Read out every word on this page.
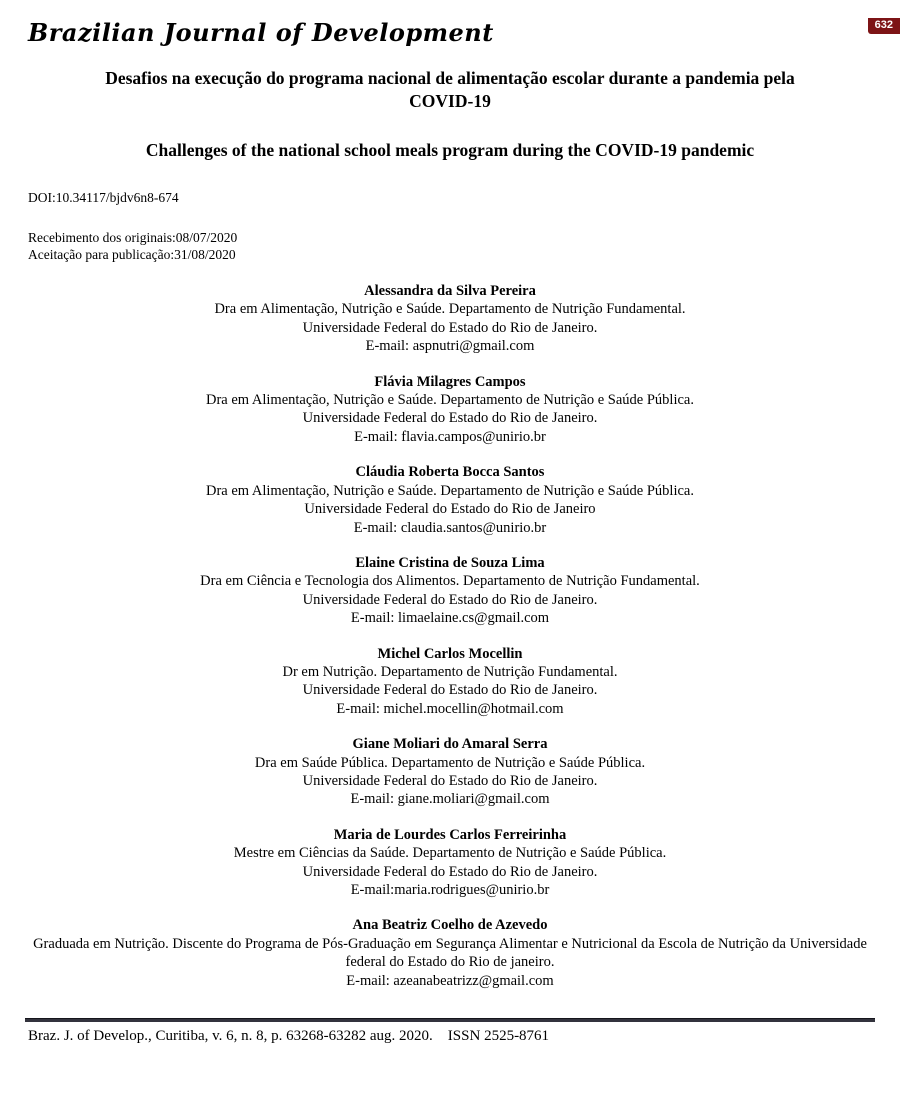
632
Brazilian Journal of Development
Desafios na execução do programa nacional de alimentação escolar durante a pandemia pela COVID-19
Challenges of the national school meals program during the COVID-19 pandemic
DOI:10.34117/bjdv6n8-674
Recebimento dos originais:08/07/2020
Aceitação para publicação:31/08/2020
Alessandra da Silva Pereira
Dra em Alimentação, Nutrição e Saúde. Departamento de Nutrição Fundamental.
Universidade Federal do Estado do Rio de Janeiro.
E-mail: aspnutri@gmail.com
Flávia Milagres Campos
Dra em Alimentação, Nutrição e Saúde. Departamento de Nutrição e Saúde Pública.
Universidade Federal do Estado do Rio de Janeiro.
E-mail: flavia.campos@unirio.br
Cláudia Roberta Bocca Santos
Dra em Alimentação, Nutrição e Saúde. Departamento de Nutrição e Saúde Pública.
Universidade Federal do Estado do Rio de Janeiro
E-mail: claudia.santos@unirio.br
Elaine Cristina de Souza Lima
Dra em Ciência e Tecnologia dos Alimentos. Departamento de Nutrição Fundamental.
Universidade Federal do Estado do Rio de Janeiro.
E-mail: limaelaine.cs@gmail.com
Michel Carlos Mocellin
Dr em Nutrição. Departamento de Nutrição Fundamental.
Universidade Federal do Estado do Rio de Janeiro.
E-mail: michel.mocellin@hotmail.com
Giane Moliari do Amaral Serra
Dra em Saúde Pública. Departamento de Nutrição e Saúde Pública.
Universidade Federal do Estado do Rio de Janeiro.
E-mail: giane.moliari@gmail.com
Maria de Lourdes Carlos Ferreirinha
Mestre em Ciências da Saúde. Departamento de Nutrição e Saúde Pública.
Universidade Federal do Estado do Rio de Janeiro.
E-mail:maria.rodrigues@unirio.br
Ana Beatriz Coelho de Azevedo
Graduada em Nutrição. Discente do Programa de Pós-Graduação em Segurança Alimentar e Nutricional da Escola de Nutrição da Universidade federal do Estado do Rio de janeiro.
E-mail: azeanabeatrizz@gmail.com
Braz. J. of Develop., Curitiba, v. 6, n. 8, p. 63268-63282 aug. 2020.    ISSN 2525-8761
